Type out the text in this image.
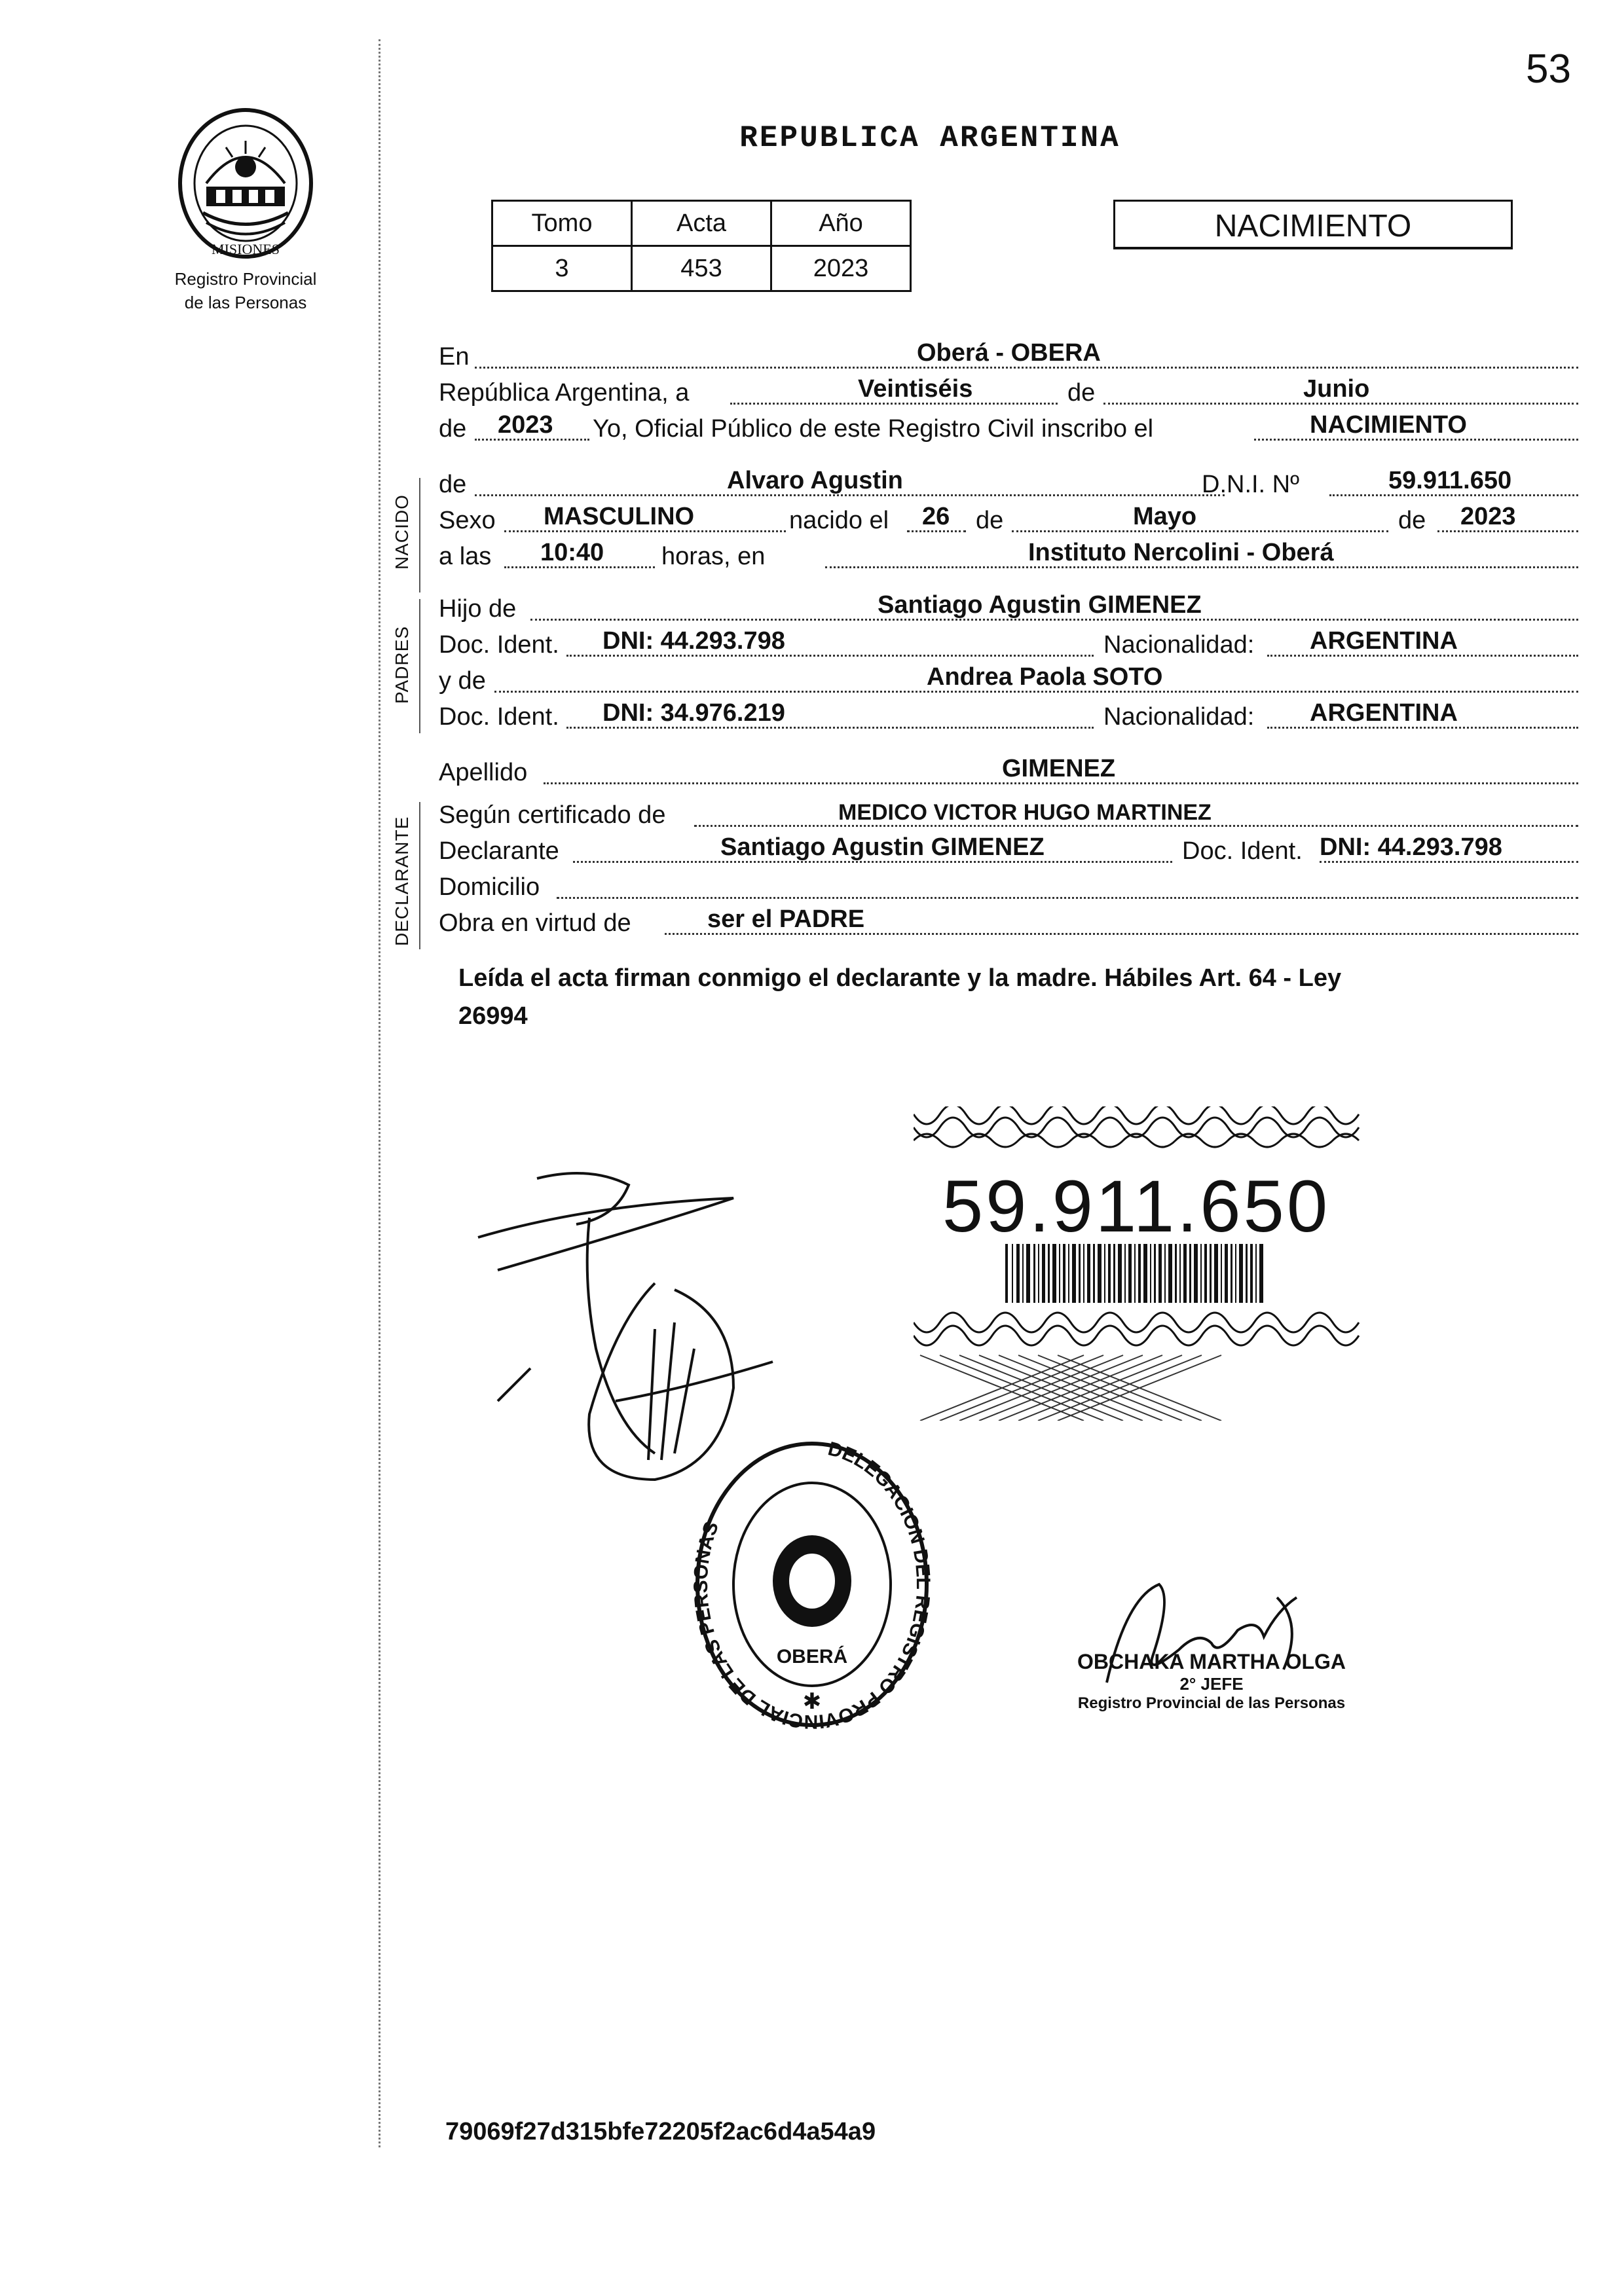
53
MISIONES
Registro Provincial
de las Personas
REPUBLICA ARGENTINA
Tomo	Acta	Año
3	453	2023
NACIMIENTO
En	Oberá - OBERA
República Argentina, a	Veintiséis	de	Junio
de 2023 Yo, Oficial Público de este Registro Civil inscribo el	NACIMIENTO
NACIDO
de	Alvaro Agustin	D.N.I. Nº	59.911.650
Sexo MASCULINO	nacido el 26 de	Mayo	de 2023
a las 10:40 horas, en	Instituto Nercolini - Oberá
PADRES
Hijo de	Santiago Agustin GIMENEZ
Doc. Ident. DNI: 44.293.798	Nacionalidad: ARGENTINA
y de	Andrea Paola SOTO
Doc. Ident. DNI: 34.976.219	Nacionalidad: ARGENTINA
Apellido	GIMENEZ
DECLARANTE
Según certificado de	MEDICO VICTOR HUGO MARTINEZ
Declarante	Santiago Agustin GIMENEZ	Doc. Ident. DNI: 44.293.798
Domicilio
Obra en virtud de	ser el PADRE
Leída el acta firman conmigo el declarante y la madre. Hábiles Art. 64 - Ley
26994
59.911.650
DELEGACION DEL REGISTRO PROVINCIAL DE LAS PERSONAS
OBERÁ
✱
OBCHAKA MARTHA OLGA
2° JEFE
Registro Provincial de las Personas
79069f27d315bfe72205f2ac6d4a54a9
